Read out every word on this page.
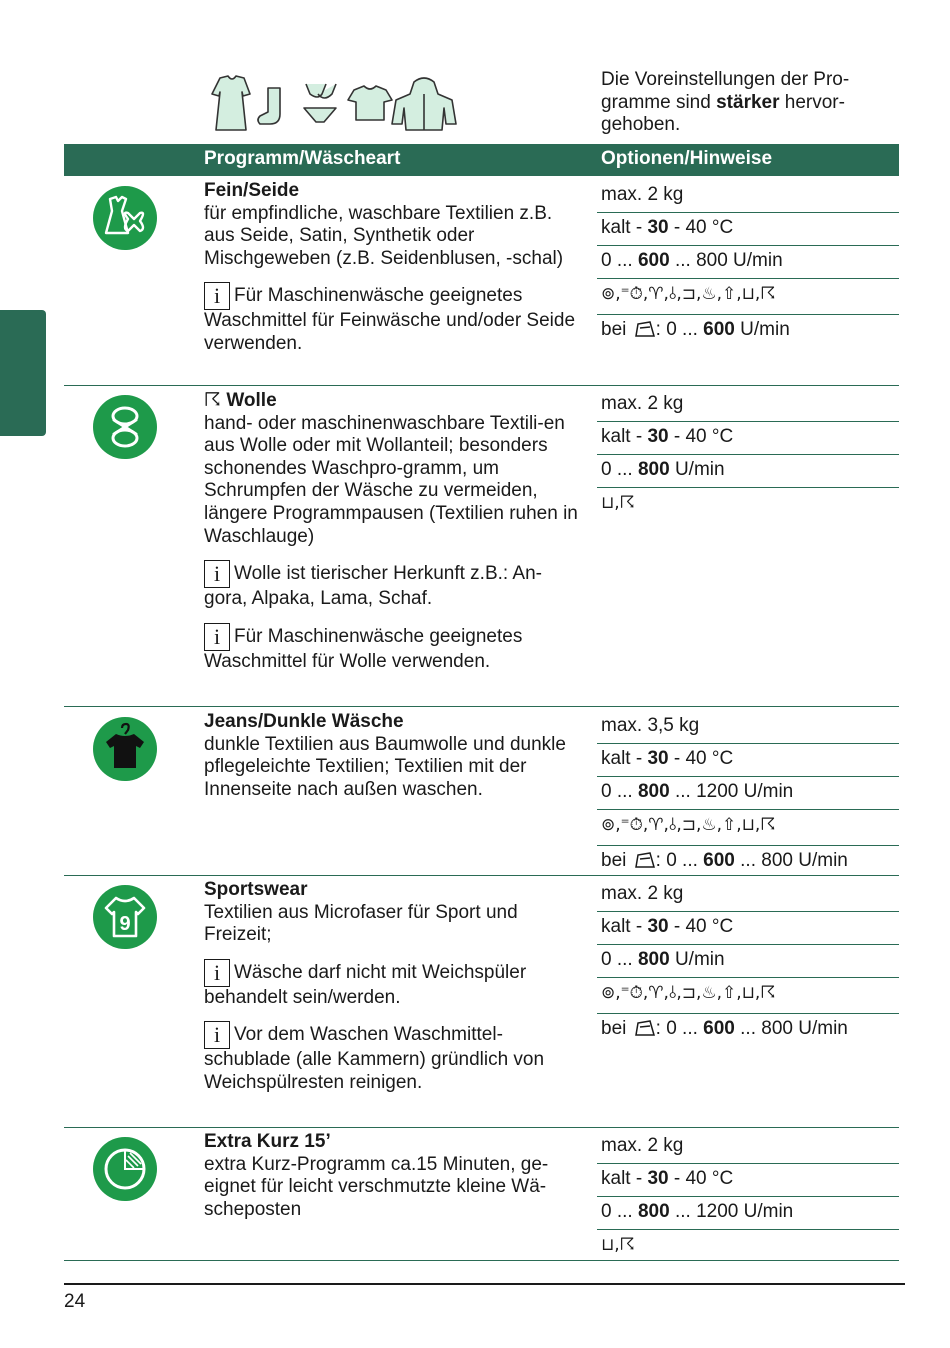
Die Voreinstellungen der Pro-
gramme sind stärker hervor-
gehoben.
Programm/Wäscheart	Optionen/Hinweise
Fein/Seide
für empfindliche, waschbare Textilien z.B. aus Seide, Satin, Synthetik oder Mischgeweben (z.B. Seidenblusen, -schal)
i Für Maschinenwäsche geeignetes Waschmittel für Feinwäsche und/oder Seide verwenden.
max. 2 kg
kalt - 30 - 40 °C
0 ... 600 ... 800 U/min
⊚,⁼⏱,♈,⫰,⊐,♨,⇧,⊔,☈
bei : 0 ... 600 U/min
☈ Wolle
hand- oder maschinenwaschbare Textili-en aus Wolle oder mit Wollanteil; besonders schonendes Waschpro-gramm, um Schrumpfen der Wäsche zu vermeiden, längere Programmpausen (Textilien ruhen in Waschlauge)
i Wolle ist tierischer Herkunft z.B.: An-gora, Alpaka, Lama, Schaf.
i Für Maschinenwäsche geeignetes Waschmittel für Wolle verwenden.
max. 2 kg
kalt - 30 - 40 °C
0 ... 800 U/min
⊔,☈
Jeans/Dunkle Wäsche
dunkle Textilien aus Baumwolle und dunkle pflegeleichte Textilien; Textilien mit der Innenseite nach außen waschen.
max. 3,5 kg
kalt - 30 - 40 °C
0 ... 800 ... 1200 U/min
⊚,⁼⏱,♈,⫰,⊐,♨,⇧,⊔,☈
bei : 0 ... 600 ... 800 U/min
9
Sportswear
Textilien aus Microfaser für Sport und Freizeit;
i Wäsche darf nicht mit Weichspüler behandelt sein/werden.
i Vor dem Waschen Waschmittel-schublade (alle Kammern) gründlich von Weichspülresten reinigen.
max. 2 kg
kalt - 30 - 40 °C
0 ... 800 U/min
⊚,⁼⏱,♈,⫰,⊐,♨,⇧,⊔,☈
bei : 0 ... 600 ... 800 U/min
Extra Kurz 15’
extra Kurz-Programm ca.15 Minuten, ge-eignet für leicht verschmutzte kleine Wä-scheposten
max. 2 kg
kalt - 30 - 40 °C
0 ... 800 ... 1200 U/min
⊔,☈
24
